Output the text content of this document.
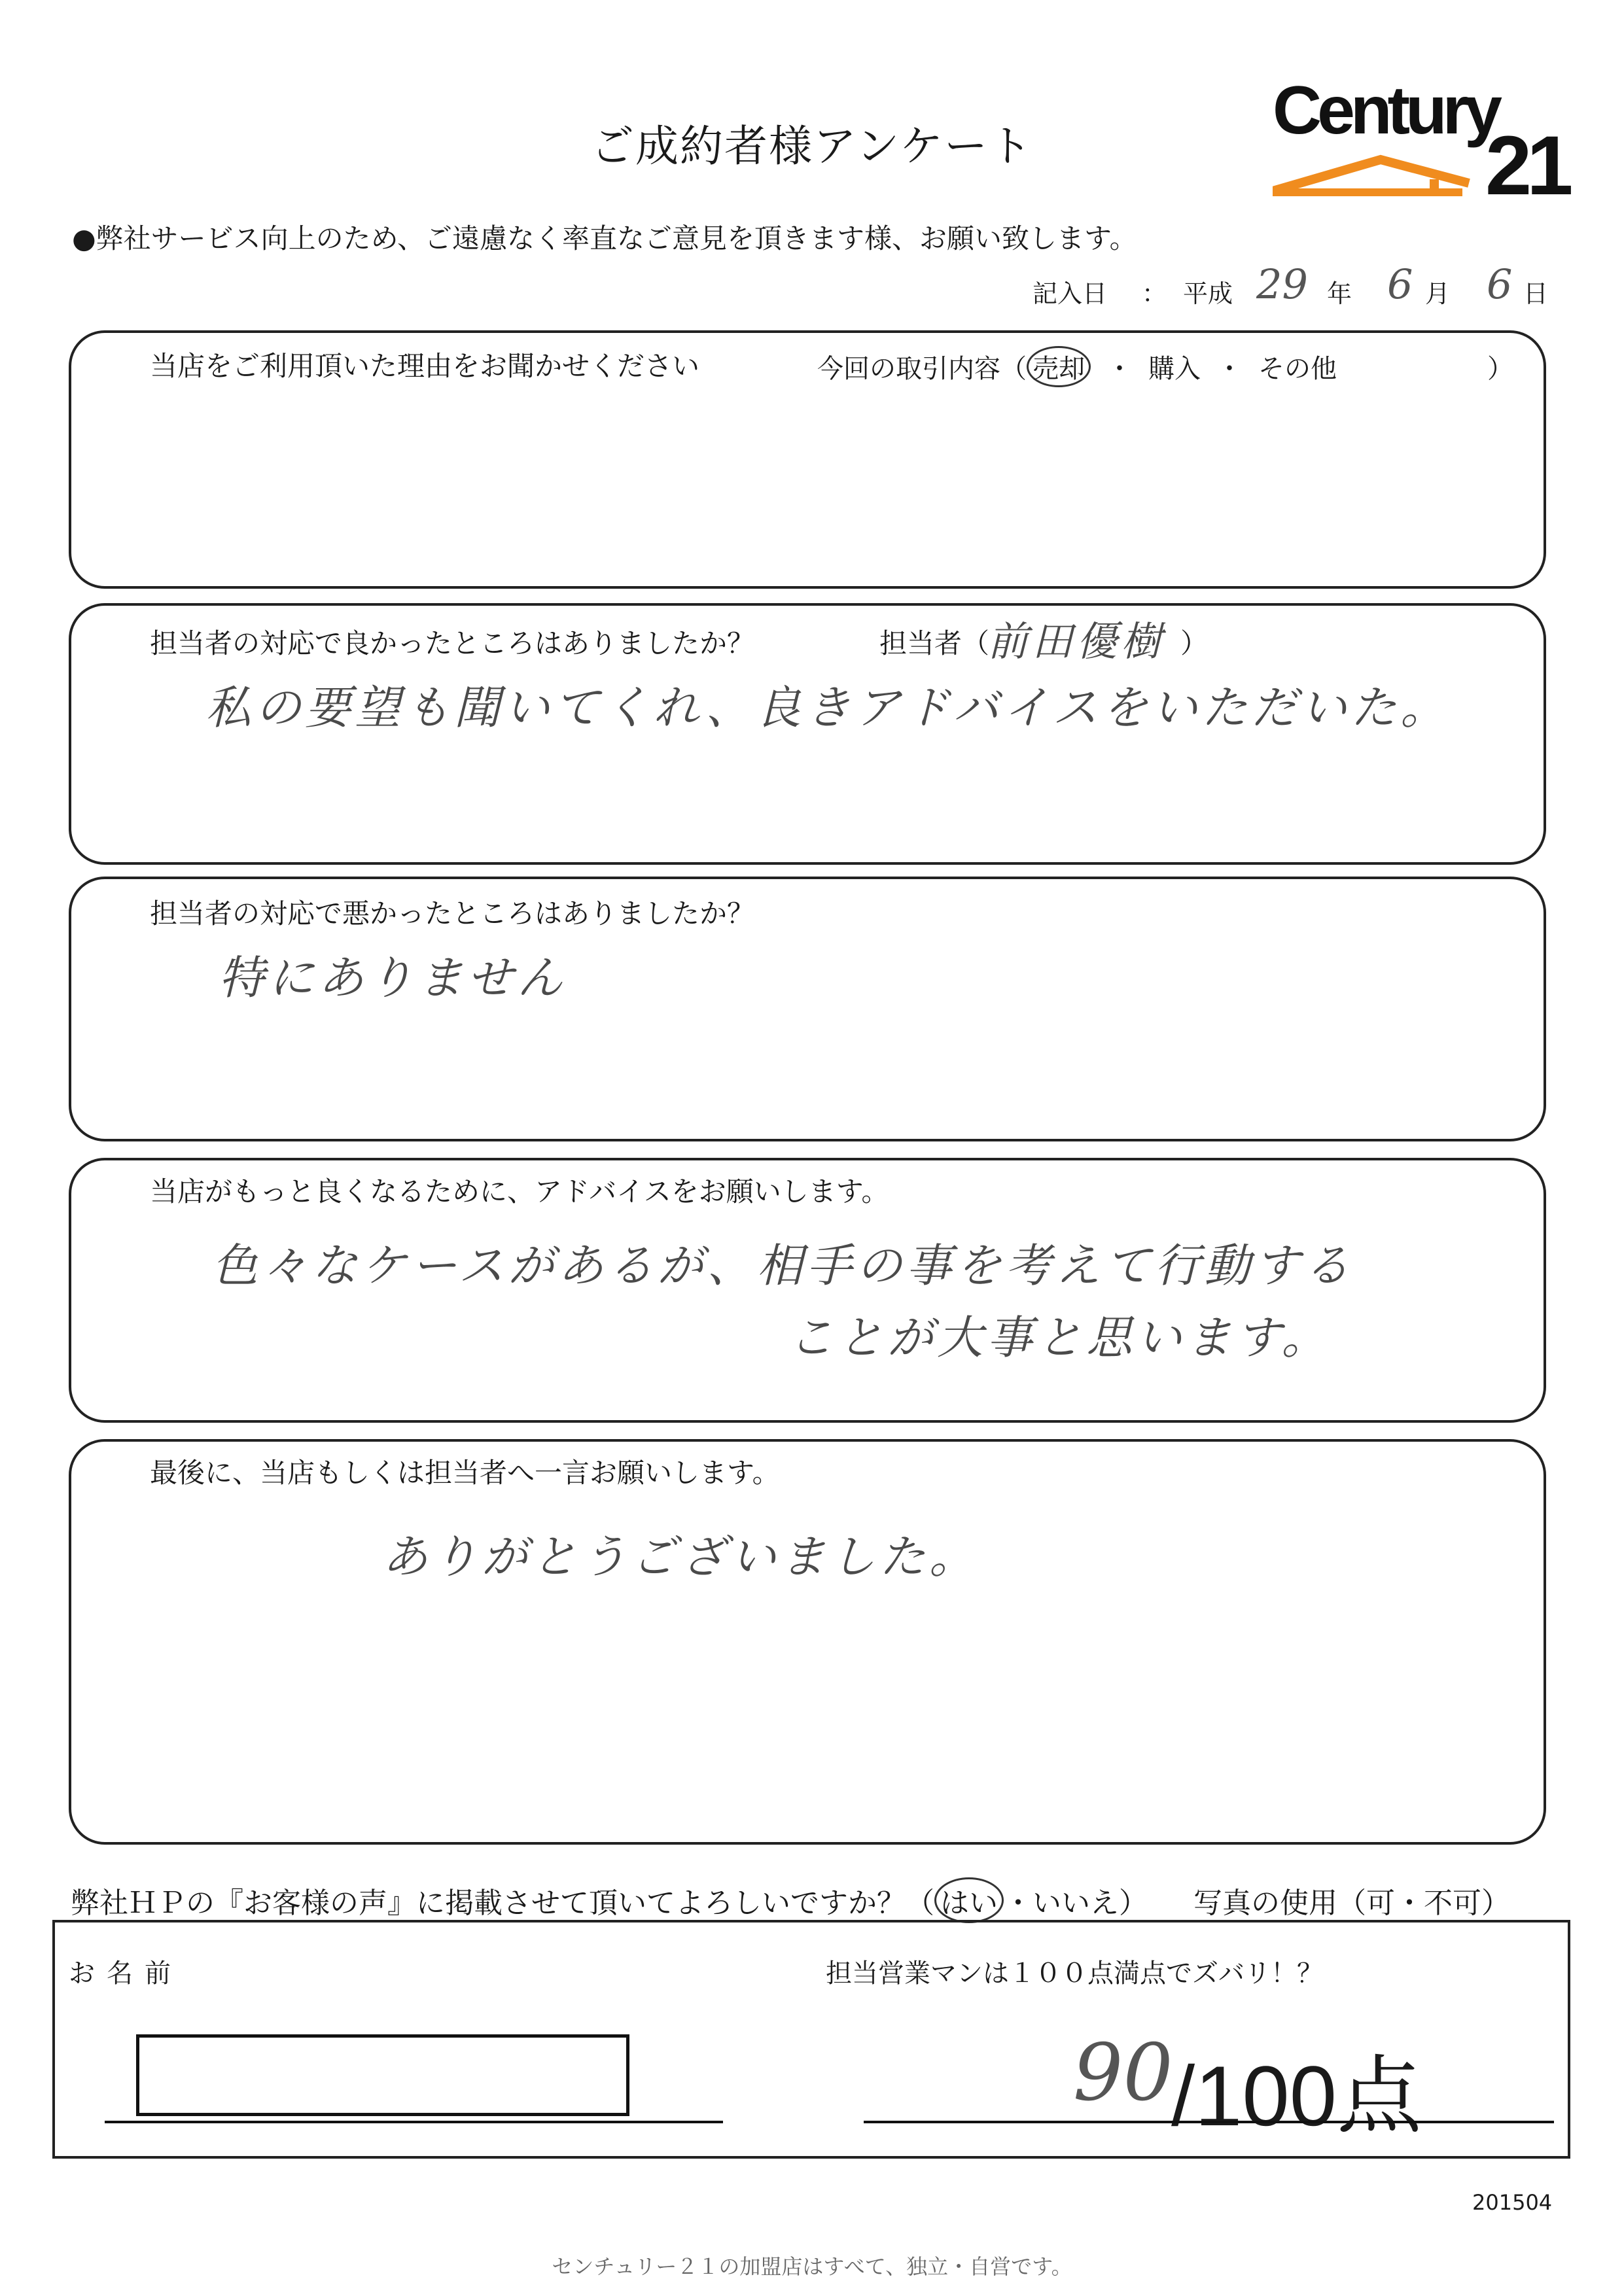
ご成約者様アンケート	Century
21
●弊社サービス向上のため、ご遠慮なく率直なご意見を頂きます様、お願い致します。
記入日 ： 平成 29 年 6 月 6 日
当店をご利用頂いた理由をお聞かせください	今回の取引内容（ 売却 ・ 購入 ・ その他	）
担当者の対応で良かったところはありましたか？	担当者（
前田優樹 ）
私の要望も聞いてくれ、良きアドバイスをいただいた。
担当者の対応で悪かったところはありましたか？
特にありません
当店がもっと良くなるために、アドバイスをお願いします。
色々なケースがあるが、相手の事を考えて行動する
ことが大事と思います。
最後に、当店もしくは担当者へ一言お願いします。
ありがとうございました。
弊社ＨＰの『お客様の声』に掲載させて頂いてよろしいですか？（ はい ・いいえ） 写真の使用（可・不可）
お名前	担当営業マンは１００点満点でズバリ！？
90
/100点
201504
センチュリー２１の加盟店はすべて、独立・自営です。
